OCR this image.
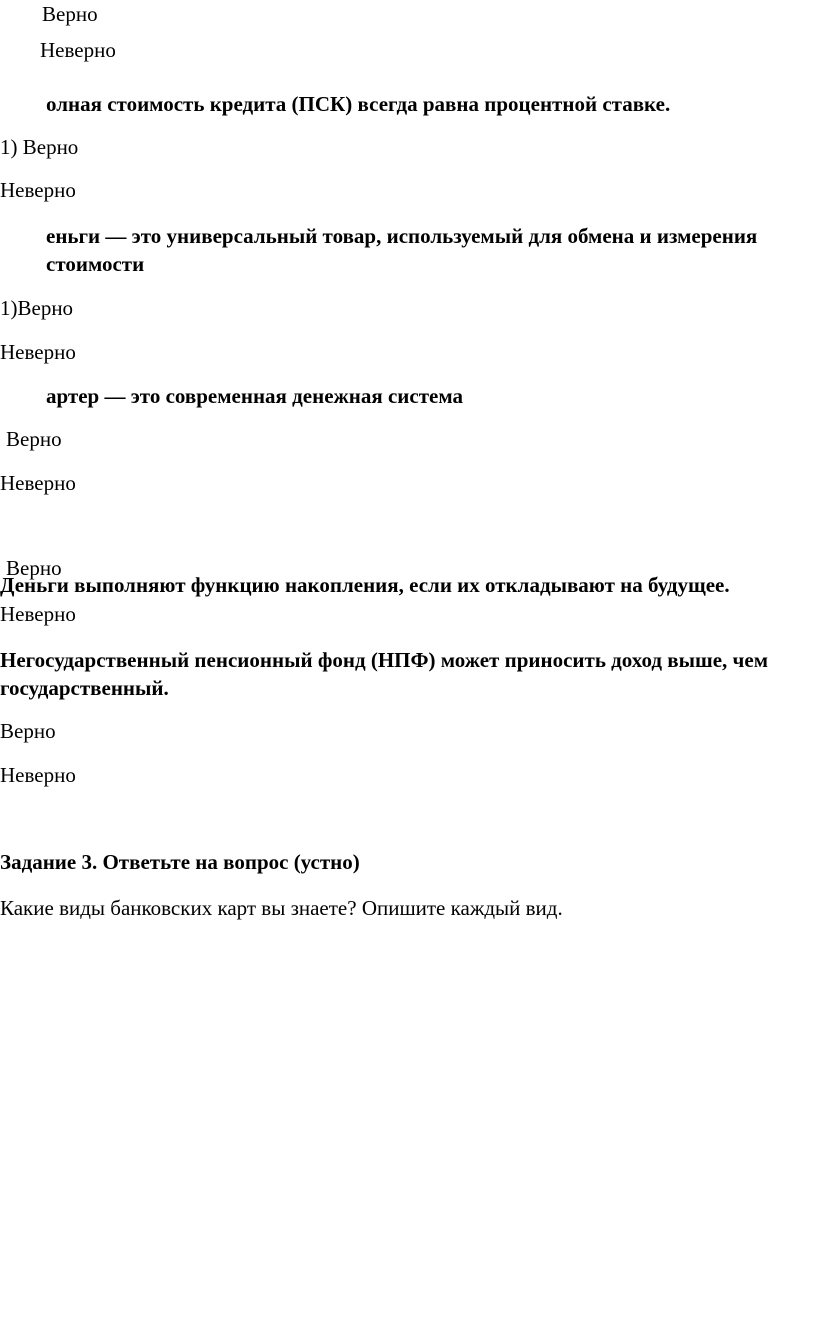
Верно

Неверно

олная стоимость кредита (ПСК) всегда равна процентной ставке.

1) Верно

Неверно

еньги — это универсальный товар, используемый для обмена и измерения

стоимости

1)Верно

Неверно

артер — это современная денежная система

Верно

Неверно

Верно

Деньги выполняют функцию накопления, если их откладывают на будущее.

Неверно

Негосударственный пенсионный фонд (НПФ) может приносить доход выше, чем

государственный.

Верно

Неверно

Задание 3. Ответьте на вопрос (устно)

Какие виды банковских карт вы знаете? Опишите каждый вид.
